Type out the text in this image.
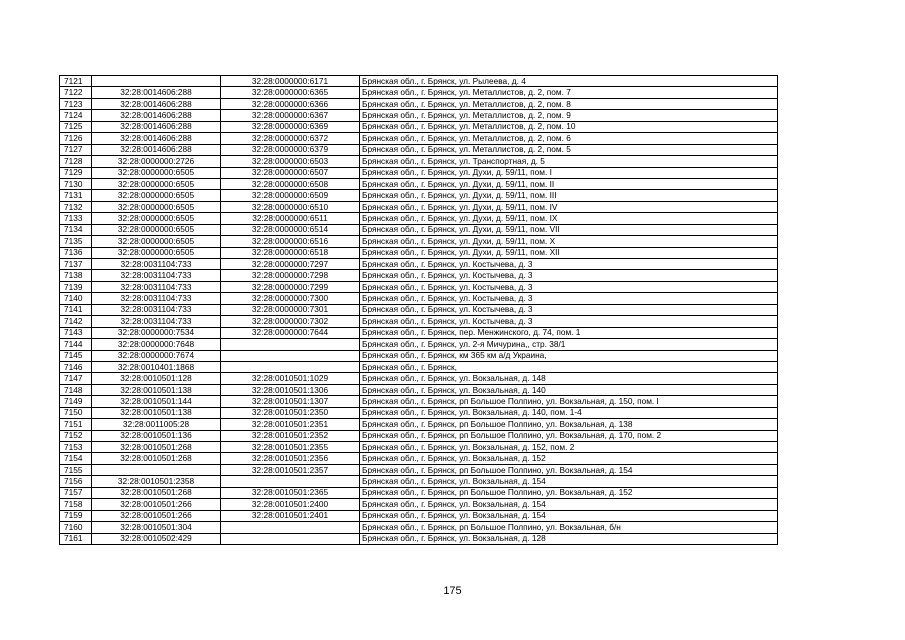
7121		32:28:0000000:6171	Брянская обл., г. Брянск, ул. Рылеева, д. 4
7122	32:28:0014606:288	32:28:0000000:6365	Брянская обл., г. Брянск, ул. Металлистов, д. 2, пом. 7
7123	32:28:0014606:288	32:28:0000000:6366	Брянская обл., г. Брянск, ул. Металлистов, д. 2, пом. 8
7124	32:28:0014606:288	32:28:0000000:6367	Брянская обл., г. Брянск, ул. Металлистов, д. 2, пом. 9
7125	32:28:0014606:288	32:28:0000000:6369	Брянская обл., г. Брянск, ул. Металлистов, д. 2, пом. 10
7126	32:28:0014606:288	32:28:0000000:6372	Брянская обл., г. Брянск, ул. Металлистов, д. 2, пом. 6
7127	32:28:0014606:288	32:28:0000000:6379	Брянская обл., г. Брянск, ул. Металлистов, д. 2, пом. 5
7128	32:28:0000000:2726	32:28:0000000:6503	Брянская обл., г. Брянск, ул. Транспортная, д. 5
7129	32:28:0000000:6505	32:28:0000000:6507	Брянская обл., г. Брянск, ул. Духи, д. 59/11, пом. I
7130	32:28:0000000:6505	32:28:0000000:6508	Брянская обл., г. Брянск, ул. Духи, д. 59/11, пом. II
7131	32:28:0000000:6505	32:28:0000000:6509	Брянская обл., г. Брянск, ул. Духи, д. 59/11, пом. III
7132	32:28:0000000:6505	32:28:0000000:6510	Брянская обл., г. Брянск, ул. Духи, д. 59/11, пом. IV
7133	32:28:0000000:6505	32:28:0000000:6511	Брянская обл., г. Брянск, ул. Духи, д. 59/11, пом. IX
7134	32:28:0000000:6505	32:28:0000000:6514	Брянская обл., г. Брянск, ул. Духи, д. 59/11, пом. VII
7135	32:28:0000000:6505	32:28:0000000:6516	Брянская обл., г. Брянск, ул. Духи, д. 59/11, пом. X
7136	32:28:0000000:6505	32:28:0000000:6518	Брянская обл., г. Брянск, ул. Духи, д. 59/11, пом. XII
7137	32:28:0031104:733	32:28:0000000:7297	Брянская обл., г. Брянск, ул. Костычева, д. 3
7138	32:28:0031104:733	32:28:0000000:7298	Брянская обл., г. Брянск, ул. Костычева, д. 3
7139	32:28:0031104:733	32:28:0000000:7299	Брянская обл., г. Брянск, ул. Костычева, д. 3
7140	32:28:0031104:733	32:28:0000000:7300	Брянская обл., г. Брянск, ул. Костычева, д. 3
7141	32:28:0031104:733	32:28:0000000:7301	Брянская обл., г. Брянск, ул. Костычева, д. 3
7142	32:28:0031104:733	32:28:0000000:7302	Брянская обл., г. Брянск, ул. Костычева, д. 3
7143	32:28:0000000:7534	32:28:0000000:7644	Брянская обл., г. Брянск, пер. Менжинского, д. 74, пом. 1
7144	32:28:0000000:7648		Брянская обл., г. Брянск, ул. 2-я Мичурина,, стр. 38/1
7145	32:28:0000000:7674		Брянская обл., г. Брянск, км 365 км а/д Украина,
7146	32:28:0010401:1868		Брянская обл., г. Брянск,
7147	32:28:0010501:128	32:28:0010501:1029	Брянская обл., г. Брянск, ул. Вокзальная, д. 148
7148	32:28:0010501:138	32:28:0010501:1306	Брянская обл., г. Брянск, ул. Вокзальная, д. 140
7149	32:28:0010501:144	32:28:0010501:1307	Брянская обл., г. Брянск, рп Большое Полпино, ул. Вокзальная, д. 150, пом. I
7150	32:28:0010501:138	32:28:0010501:2350	Брянская обл., г. Брянск, ул. Вокзальная, д. 140, пом. 1-4
7151	32:28:0011005:28	32:28:0010501:2351	Брянская обл., г. Брянск, рп Большое Полпино, ул. Вокзальная, д. 138
7152	32:28:0010501:136	32:28:0010501:2352	Брянская обл., г. Брянск, рп Большое Полпино, ул. Вокзальная, д. 170, пом. 2
7153	32:28:0010501:268	32:28:0010501:2355	Брянская обл., г. Брянск, ул. Вокзальная, д. 152, пом. 2
7154	32:28:0010501:268	32:28:0010501:2356	Брянская обл., г. Брянск, ул. Вокзальная, д. 152
7155		32:28:0010501:2357	Брянская обл., г. Брянск, рп Большое Полпино, ул. Вокзальная, д. 154
7156	32:28:0010501:2358		Брянская обл., г. Брянск, ул. Вокзальная, д. 154
7157	32:28:0010501:268	32:28:0010501:2365	Брянская обл., г. Брянск, рп Большое Полпино, ул. Вокзальная, д. 152
7158	32:28:0010501:266	32:28:0010501:2400	Брянская обл., г. Брянск, ул. Вокзальная, д. 154
7159	32:28:0010501:266	32:28:0010501:2401	Брянская обл., г. Брянск, ул. Вокзальная, д. 154
7160	32:28:0010501:304		Брянская обл., г. Брянск, рп Большое Полпино, ул. Вокзальная, б/н
7161	32:28:0010502:429		Брянская обл., г. Брянск, ул. Вокзальная, д. 128
175
